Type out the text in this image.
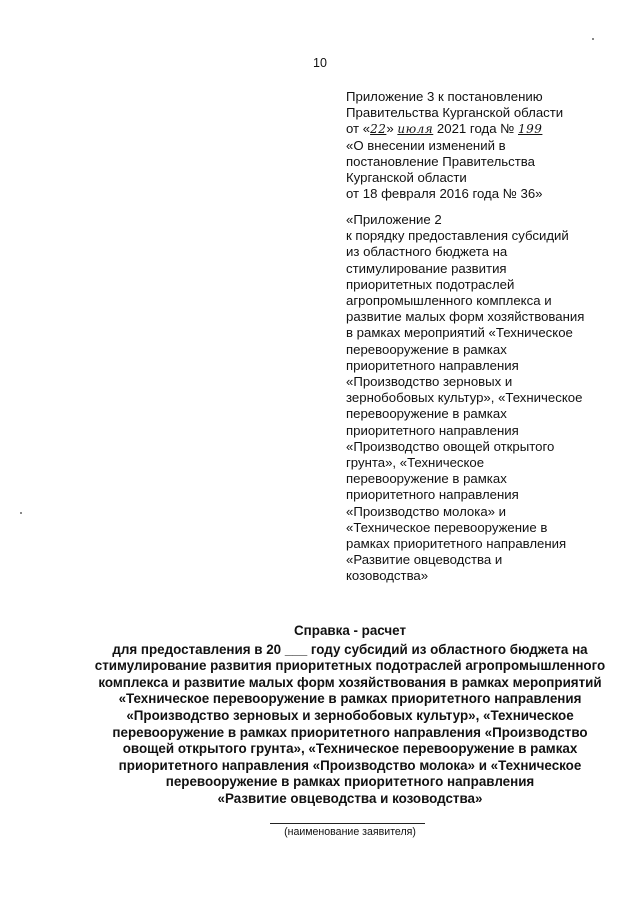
10
Приложение 3 к постановлению
Правительства Курганской области
от «22» июля 2021 года № 199
«О внесении изменений в
постановление Правительства
Курганской области
от 18 февраля 2016 года № 36»
«Приложение 2
к порядку предоставления субсидий
из областного бюджета на
стимулирование развития
приоритетных подотраслей
агропромышленного комплекса и
развитие малых форм хозяйствования
в рамках мероприятий «Техническое
перевооружение в рамках
приоритетного направления
«Производство зерновых и
зернобобовых культур», «Техническое
перевооружение в рамках
приоритетного направления
«Производство овощей открытого
грунта», «Техническое
перевооружение в рамках
приоритетного направления
«Производство молока» и
«Техническое перевооружение в
рамках приоритетного направления
«Развитие овцеводства и
козоводства»
Справка - расчет
для предоставления в 20 ___ году субсидий из областного бюджета на
стимулирование развития приоритетных подотраслей агропромышленного
комплекса и развитие малых форм хозяйствования в рамках мероприятий
«Техническое перевооружение в рамках приоритетного направления
«Производство зерновых и зернобобовых культур», «Техническое
перевооружение в рамках приоритетного направления «Производство
овощей открытого грунта», «Техническое перевооружение в рамках
приоритетного направления «Производство молока» и «Техническое
перевооружение в рамках приоритетного направления
«Развитие овцеводства и козоводства»
(наименование заявителя)
